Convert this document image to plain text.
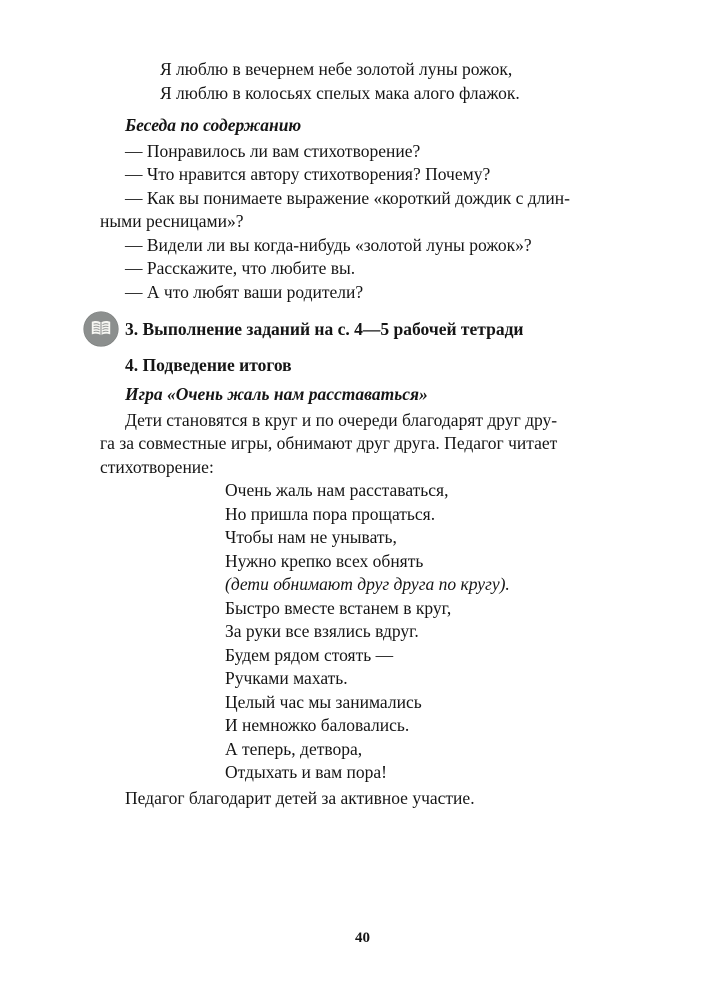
Я люблю в вечернем небе золотой луны рожок,
Я люблю в колосьях спелых мака алого флажок.
Беседа по содержанию
— Понравилось ли вам стихотворение?
— Что нравится автору стихотворения? Почему?
— Как вы понимаете выражение «короткий дождик с длин-
ными ресницами»?
— Видели ли вы когда-нибудь «золотой луны рожок»?
— Расскажите, что любите вы.
— А что любят ваши родители?
3. Выполнение заданий на с. 4—5 рабочей тетради
4. Подведение итогов
Игра «Очень жаль нам расставаться»
Дети становятся в круг и по очереди благодарят друг дру-
га за совместные игры, обнимают друг друга. Педагог читает
стихотворение:
Очень жаль нам расставаться,
Но пришла пора прощаться.
Чтобы нам не унывать,
Нужно крепко всех обнять
(дети обнимают друг друга по кругу).
Быстро вместе встанем в круг,
За руки все взялись вдруг.
Будем рядом стоять —
Ручками махать.
Целый час мы занимались
И немножко баловались.
А теперь, детвора,
Отдыхать и вам пора!
Педагог благодарит детей за активное участие.
40
